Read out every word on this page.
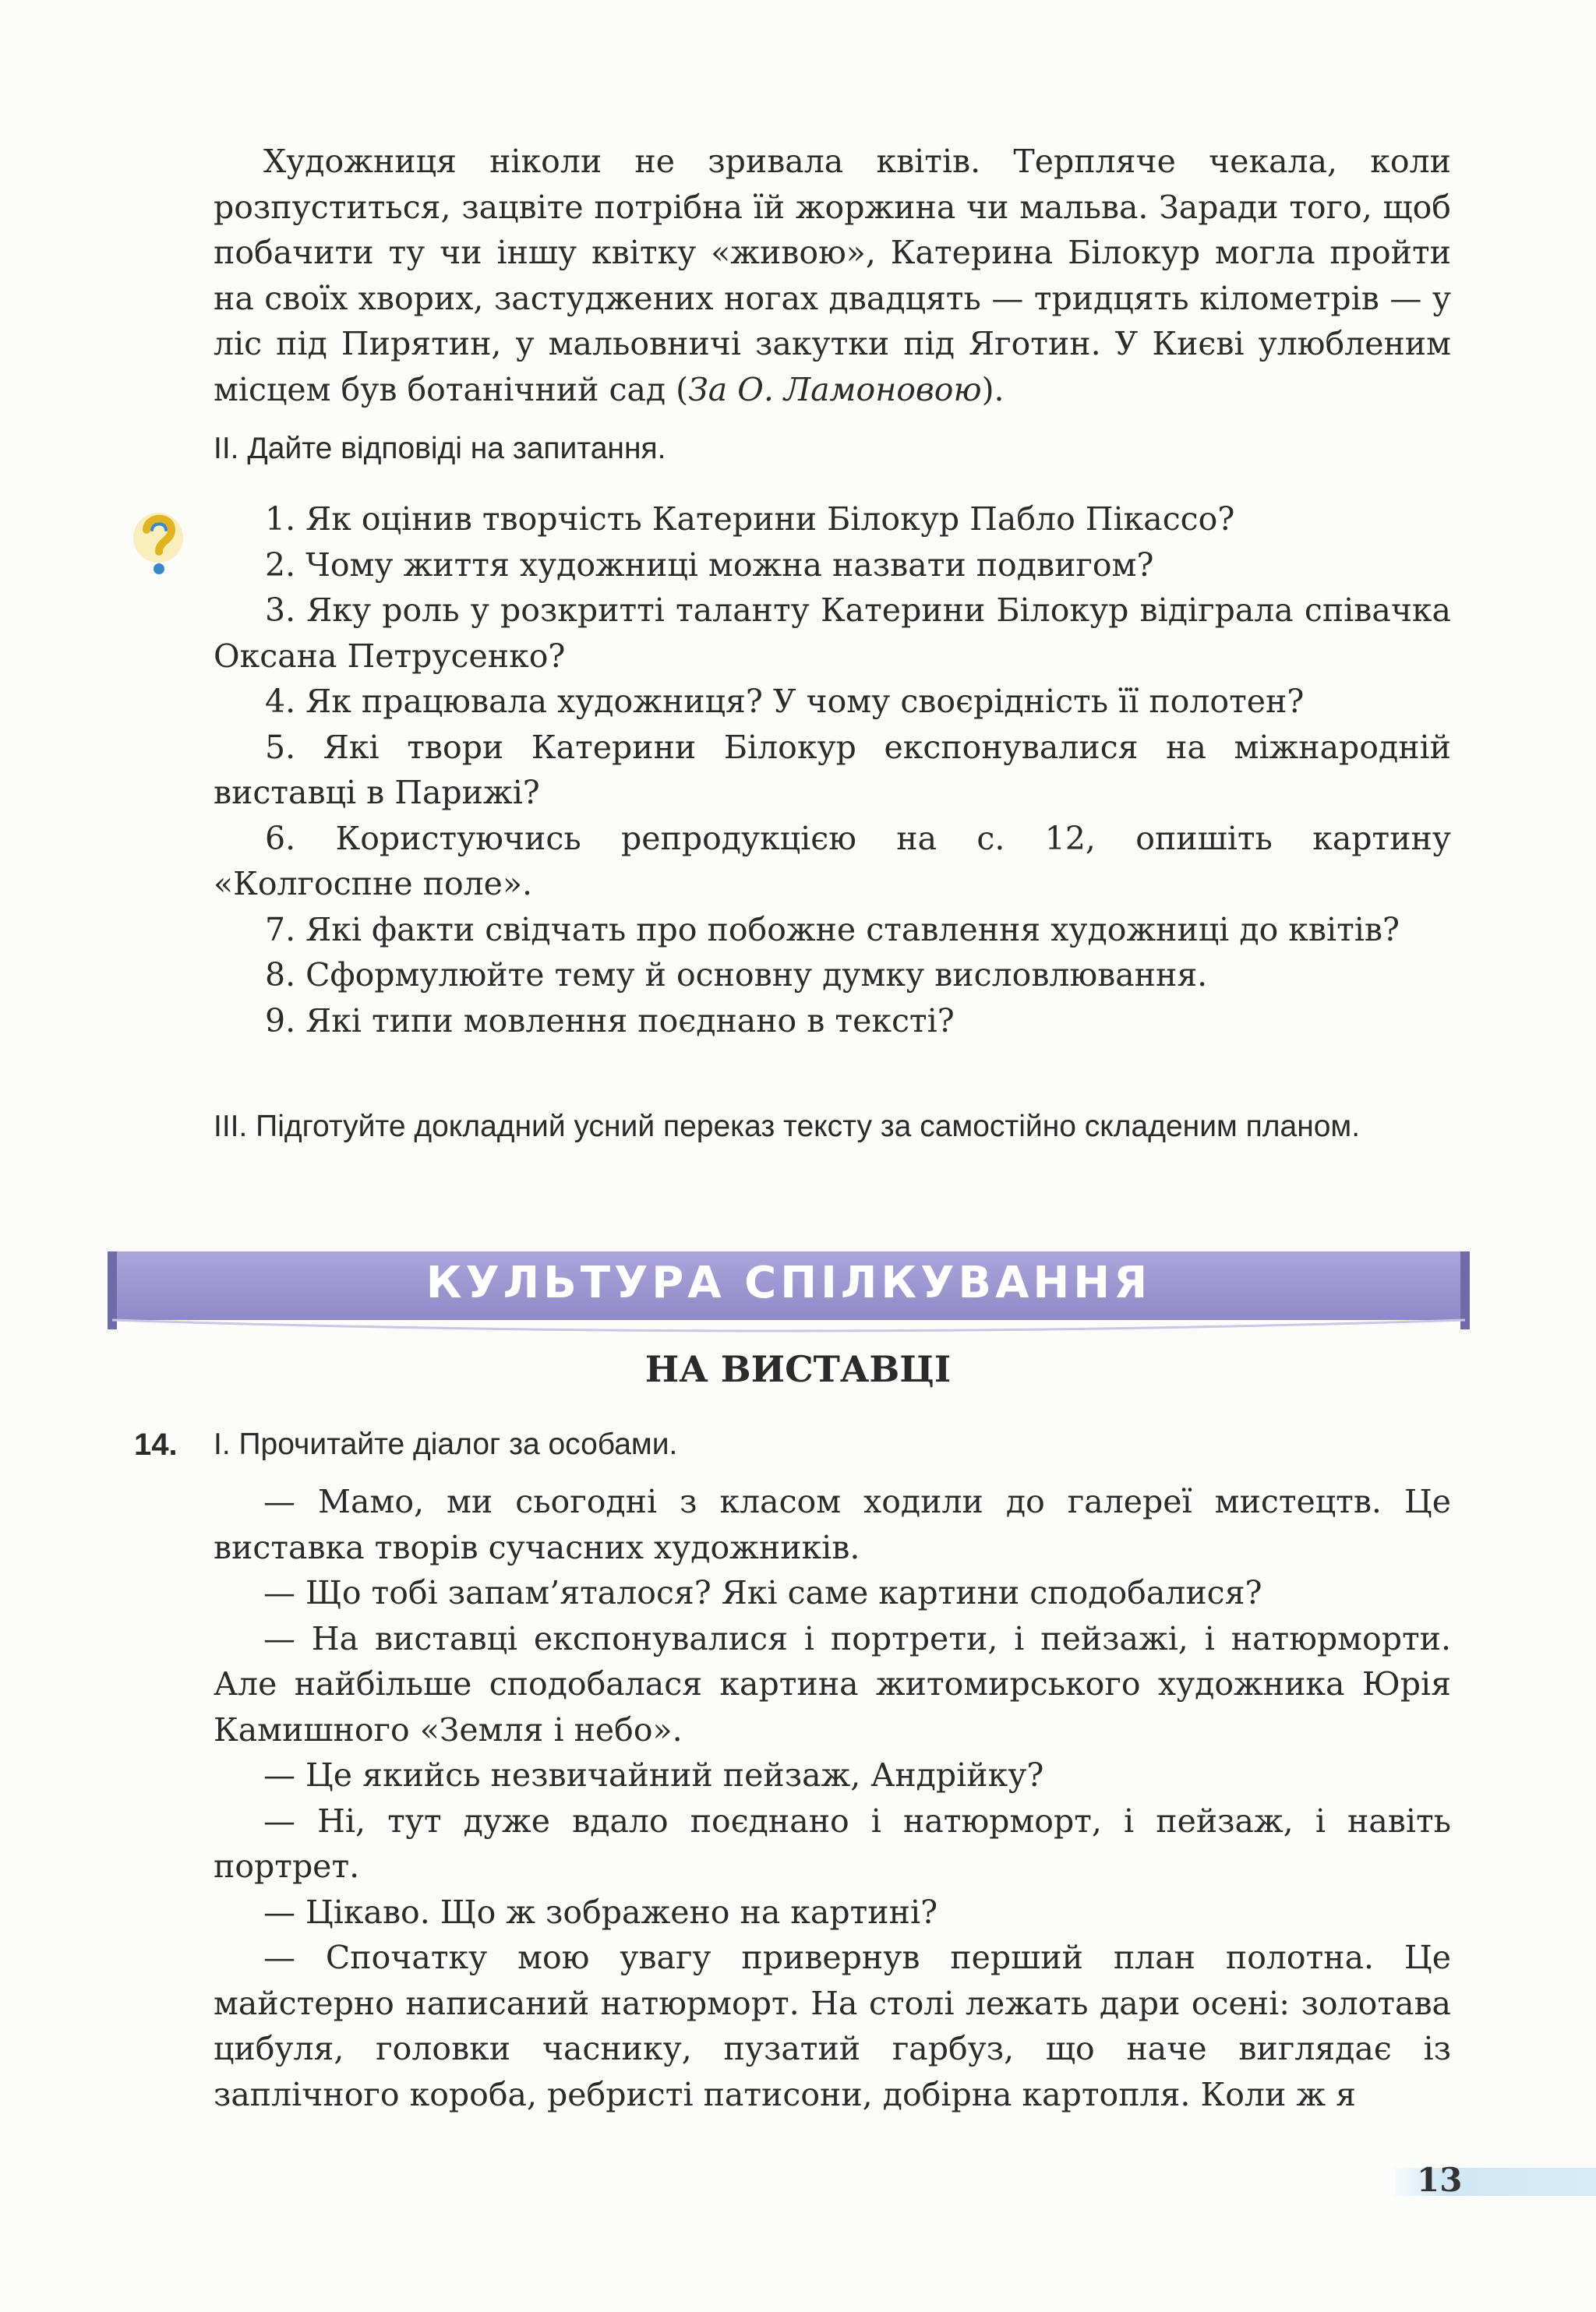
Художниця ніколи не зривала квітів. Терпляче чекала, коли розпуститься, зацвіте потрібна їй жоржина чи мальва. Заради того, щоб побачити ту чи іншу квітку «живою», Катерина Білокур могла пройти на своїх хворих, застуджених ногах двадцять — тридцять кілометрів — у ліс під Пирятин, у мальовничі закутки під Яготин. У Києві улюбленим місцем був ботанічний сад (За О. Ламоновою).

II. Дайте відповіді на запитання.

1. Як оцінив творчість Катерини Білокур Пабло Пікассо?

2. Чому життя художниці можна назвати подвигом?

3. Яку роль у розкритті таланту Катерини Білокур відіграла співачка Оксана Петрусенко?

4. Як працювала художниця? У чому своєрідність її полотен?

5. Які твори Катерини Білокур експонувалися на міжнародній виставці в Парижі?

6. Користуючись репродукцією на с. 12, опишіть картину «Колгоспне поле».

7. Які факти свідчать про побожне ставлення художниці до квітів?

8. Сформулюйте тему й основну думку висловлювання.

9. Які типи мовлення поєднано в тексті?

III. Підготуйте докладний усний переказ тексту за самостійно складеним планом.

КУЛЬТУРА СПІЛКУВАННЯ
НА ВИСТАВЦІ
14. I. Прочитайте діалог за особами.

— Мамо, ми сьогодні з класом ходили до галереї мистецтв. Це виставка творів сучасних художників.

— Що тобі запам’яталося? Які саме картини сподобалися?

— На виставці експонувалися і портрети, і пейзажі, і натюрморти. Але найбільше сподобалася картина житомирського художника Юрія Камишного «Земля і небо».

— Це якийсь незвичайний пейзаж, Андрійку?

— Ні, тут дуже вдало поєднано і натюрморт, і пейзаж, і навіть портрет.

— Цікаво. Що ж зображено на картині?

— Спочатку мою увагу привернув перший план полотна. Це майстерно написаний натюрморт. На столі лежать дари осені: золотава цибуля, головки часнику, пузатий гарбуз, що наче виглядає із заплічного короба, ребристі патисони, добірна картопля. Коли ж я

13
